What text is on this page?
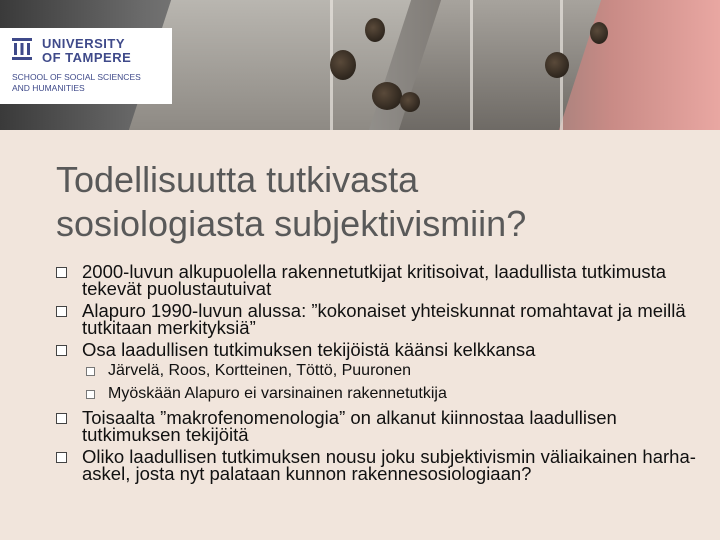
UNIVERSITY
OF TAMPERE
SCHOOL OF SOCIAL SCIENCES
AND HUMANITIES
Todellisuutta tutkivasta
sosiologiasta subjektivismiin?
2000-luvun alkupuolella rakennetutkijat kritisoivat, laadullista tutkimusta tekevät puolustautuivat
Alapuro 1990-luvun alussa: ”kokonaiset yhteiskunnat romahtavat ja meillä tutkitaan merkityksiä”
Osa laadullisen tutkimuksen tekijöistä käänsi kelkkansa
Järvelä, Roos, Kortteinen, Töttö, Puuronen
Myöskään Alapuro ei varsinainen rakennetutkija
Toisaalta ”makrofenomenologia” on alkanut kiinnostaa laadullisen tutkimuksen tekijöitä
Oliko laadullisen tutkimuksen nousu joku subjektivismin väliaikainen harha-askel, josta nyt palataan kunnon rakennesosiologiaan?
